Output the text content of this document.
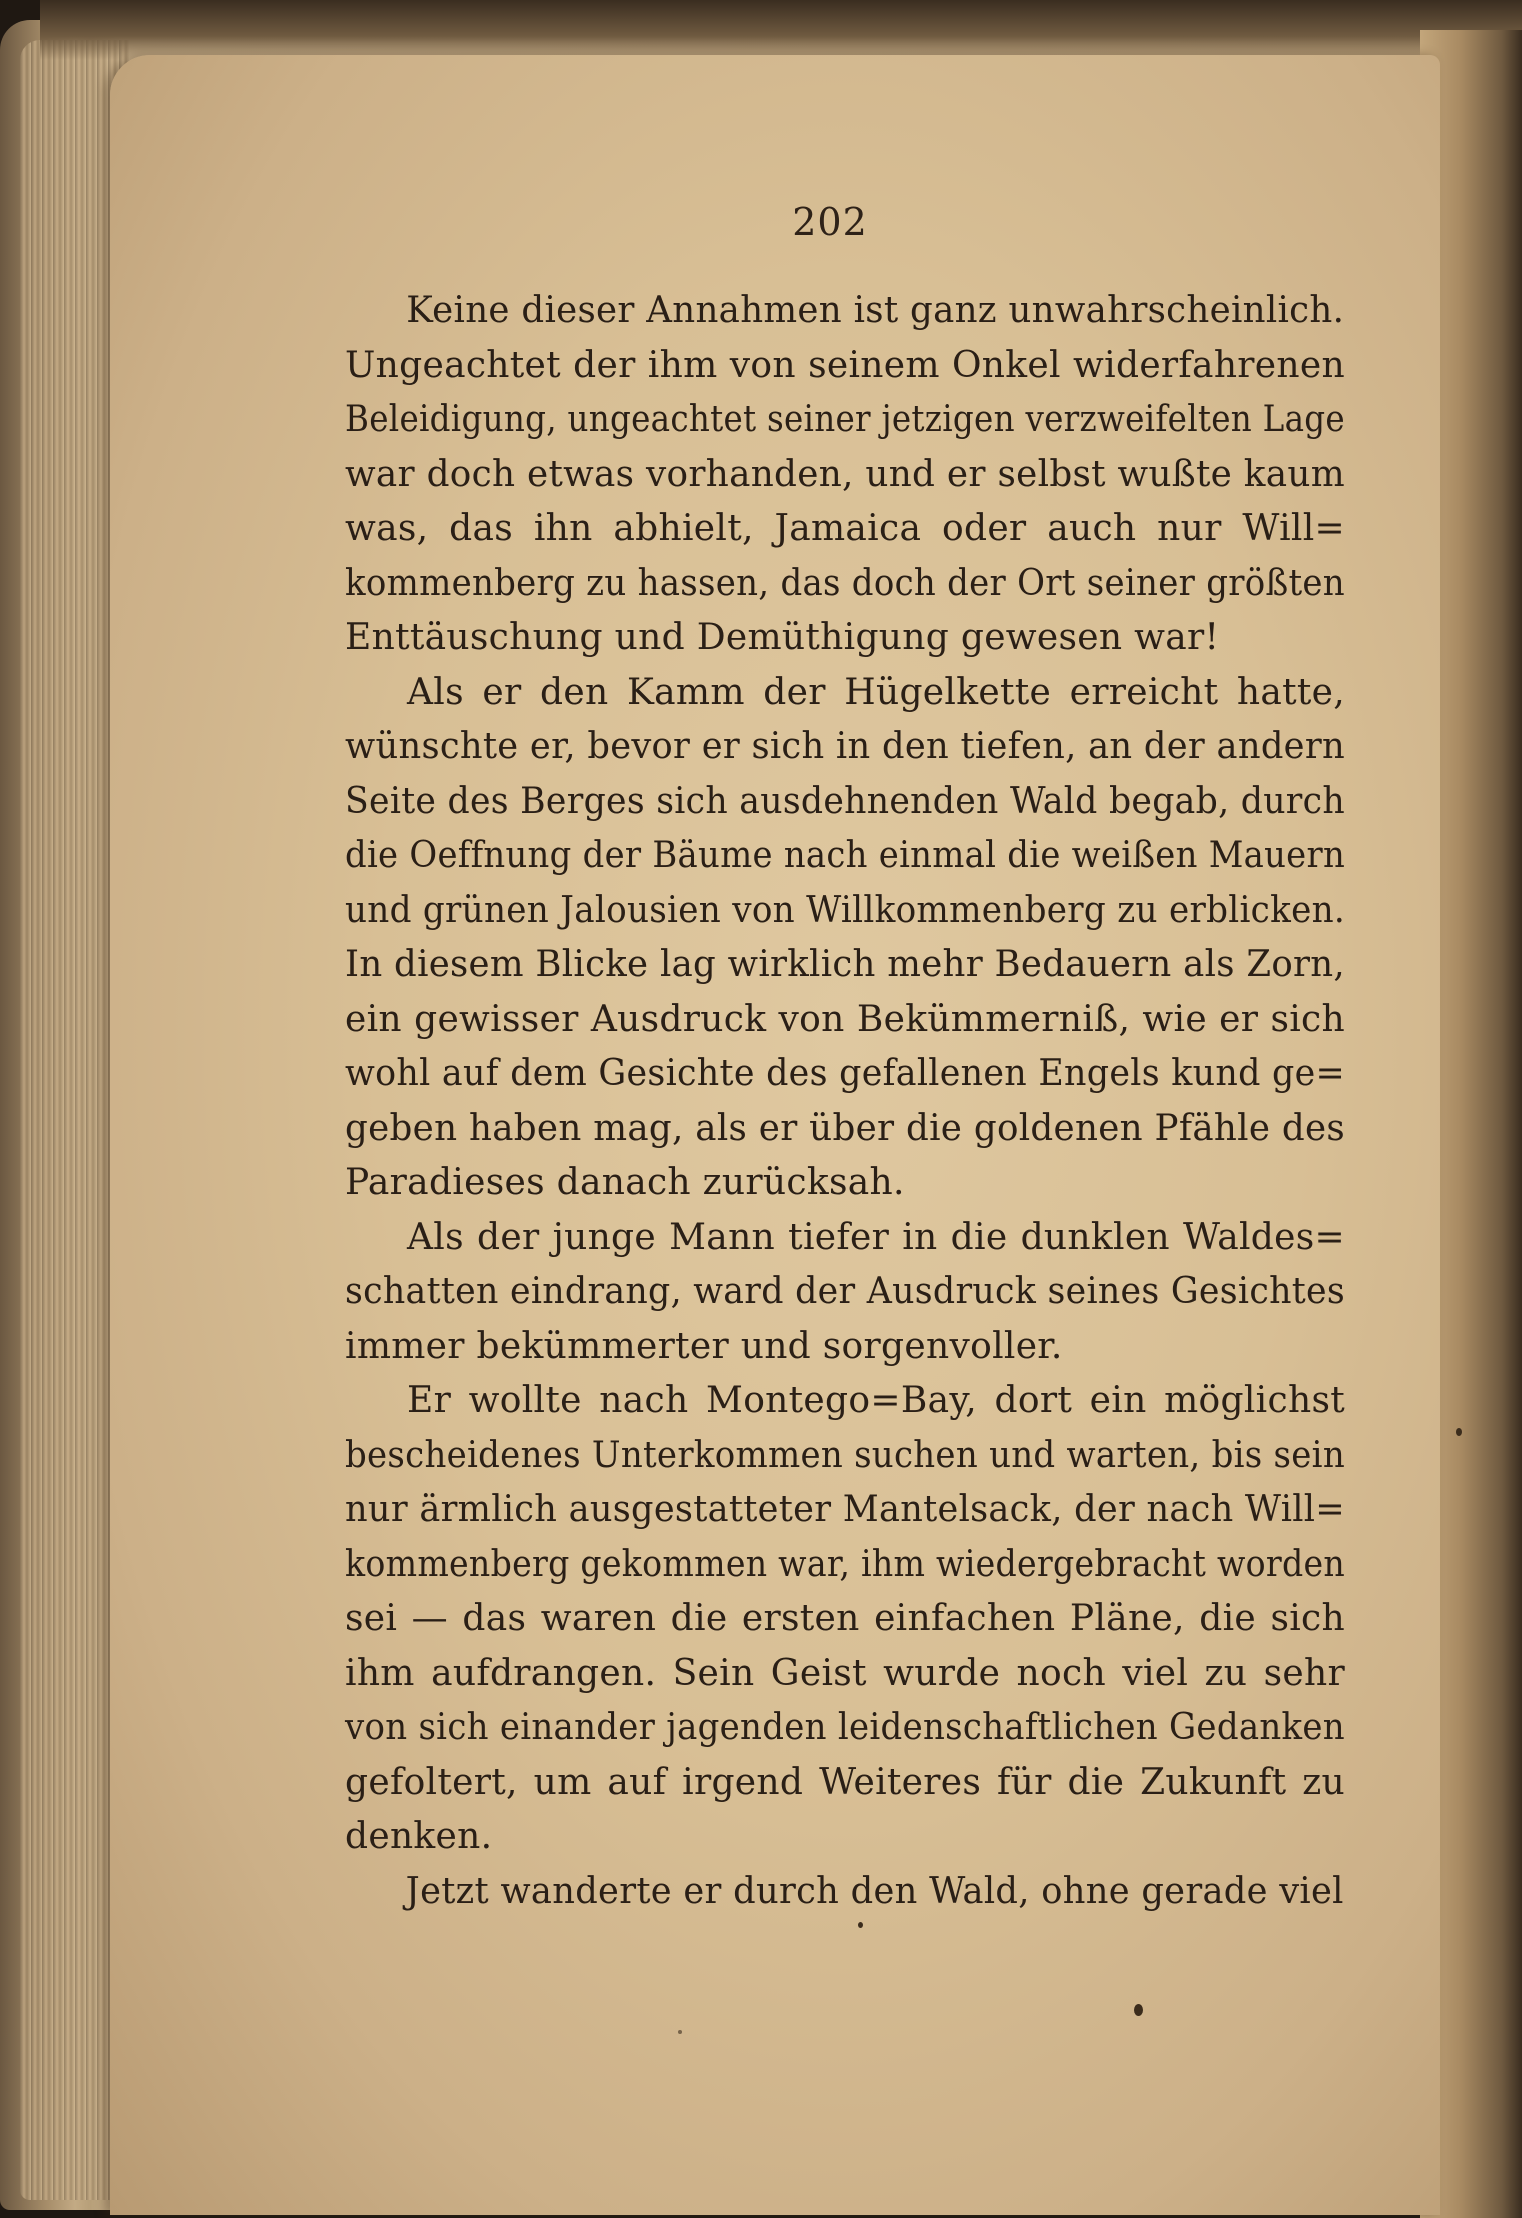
202
Keine dieser Annahmen ist ganz unwahrscheinlich.
Ungeachtet der ihm von seinem Onkel widerfahrenen
Beleidigung, ungeachtet seiner jetzigen verzweifelten Lage
war doch etwas vorhanden, und er selbst wußte kaum
was, das ihn abhielt, Jamaica oder auch nur Will=
kommenberg zu hassen, das doch der Ort seiner größten
Enttäuschung und Demüthigung gewesen war!
Als er den Kamm der Hügelkette erreicht hatte,
wünschte er, bevor er sich in den tiefen, an der andern
Seite des Berges sich ausdehnenden Wald begab, durch
die Oeffnung der Bäume nach einmal die weißen Mauern
und grünen Jalousien von Willkommenberg zu erblicken.
In diesem Blicke lag wirklich mehr Bedauern als Zorn,
ein gewisser Ausdruck von Bekümmerniß, wie er sich
wohl auf dem Gesichte des gefallenen Engels kund ge=
geben haben mag, als er über die goldenen Pfähle des
Paradieses danach zurücksah.
Als der junge Mann tiefer in die dunklen Waldes=
schatten eindrang, ward der Ausdruck seines Gesichtes
immer bekümmerter und sorgenvoller.
Er wollte nach Montego=Bay, dort ein möglichst
bescheidenes Unterkommen suchen und warten, bis sein
nur ärmlich ausgestatteter Mantelsack, der nach Will=
kommenberg gekommen war, ihm wiedergebracht worden
sei — das waren die ersten einfachen Pläne, die sich
ihm aufdrangen. Sein Geist wurde noch viel zu sehr
von sich einander jagenden leidenschaftlichen Gedanken
gefoltert, um auf irgend Weiteres für die Zukunft zu
denken.
Jetzt wanderte er durch den Wald, ohne gerade viel
